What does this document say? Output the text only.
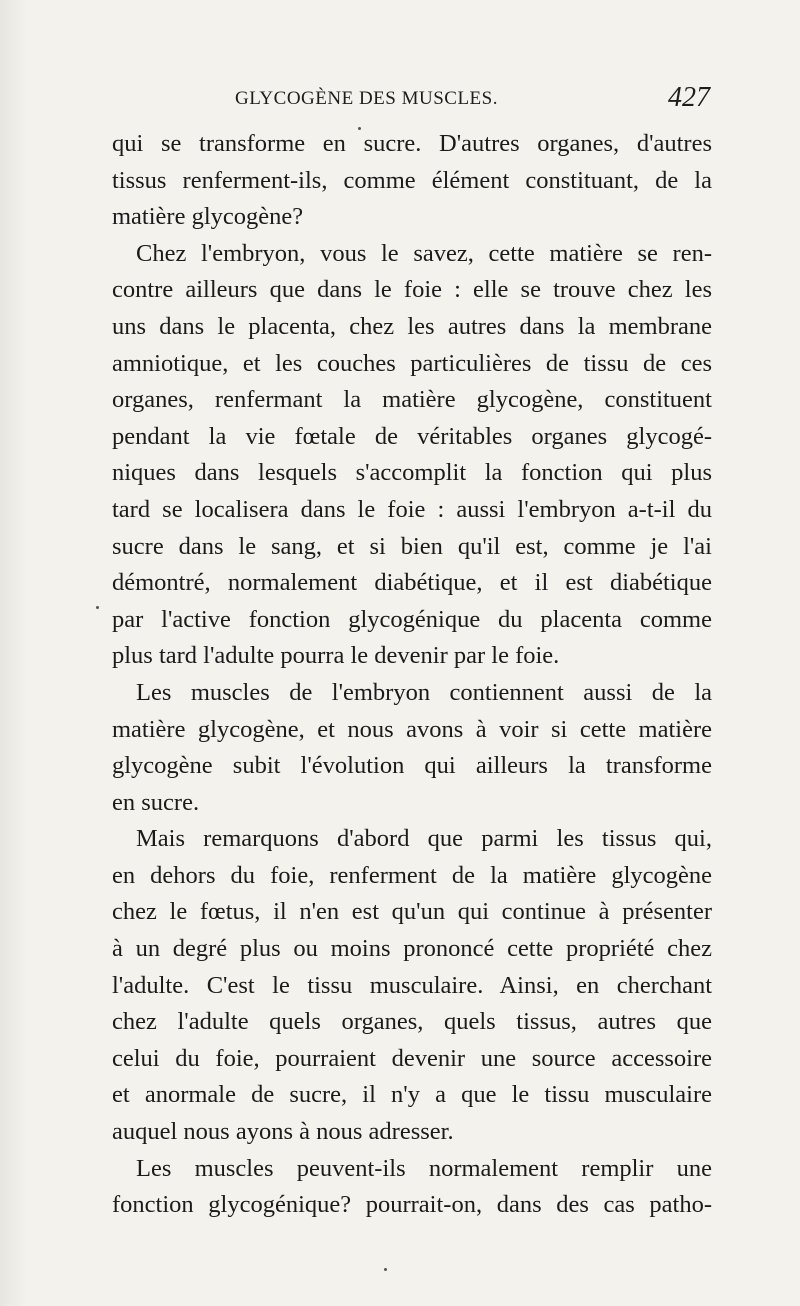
GLYCOGÈNE DES MUSCLES.	427
qui se transforme en sucre. D'autres organes, d'autres
tissus renferment-ils, comme élément constituant, de la
matière glycogène?
Chez l'embryon, vous le savez, cette matière se ren-
contre ailleurs que dans le foie : elle se trouve chez les
uns dans le placenta, chez les autres dans la membrane
amniotique, et les couches particulières de tissu de ces
organes, renfermant la matière glycogène, constituent
pendant la vie fœtale de véritables organes glycogé-
niques dans lesquels s'accomplit la fonction qui plus
tard se localisera dans le foie : aussi l'embryon a-t-il du
sucre dans le sang, et si bien qu'il est, comme je l'ai
démontré, normalement diabétique, et il est diabétique
par l'active fonction glycogénique du placenta comme
plus tard l'adulte pourra le devenir par le foie.
Les muscles de l'embryon contiennent aussi de la
matière glycogène, et nous avons à voir si cette matière
glycogène subit l'évolution qui ailleurs la transforme
en sucre.
Mais remarquons d'abord que parmi les tissus qui,
en dehors du foie, renferment de la matière glycogène
chez le fœtus, il n'en est qu'un qui continue à présenter
à un degré plus ou moins prononcé cette propriété chez
l'adulte. C'est le tissu musculaire. Ainsi, en cherchant
chez l'adulte quels organes, quels tissus, autres que
celui du foie, pourraient devenir une source accessoire
et anormale de sucre, il n'y a que le tissu musculaire
auquel nous ayons à nous adresser.
Les muscles peuvent-ils normalement remplir une
fonction glycogénique? pourrait-on, dans des cas patho-
